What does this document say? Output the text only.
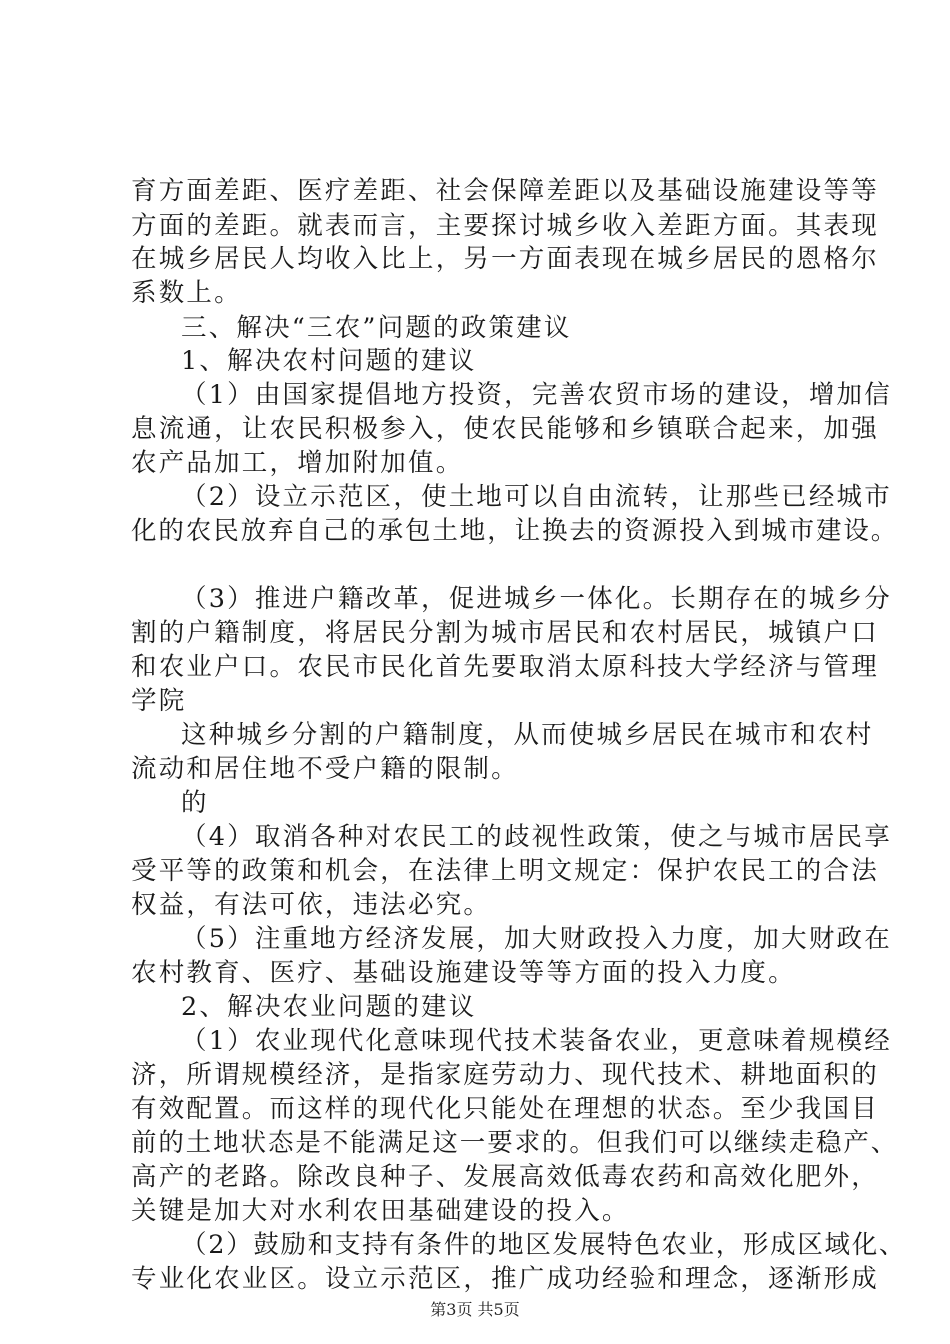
育方面差距、医疗差距、社会保障差距以及基础设施建设等等
方面的差距。就表而言，主要探讨城乡收入差距方面。其表现
在城乡居民人均收入比上，另一方面表现在城乡居民的恩格尔
系数上。
三、解决“三农”问题的政策建议
1、解决农村问题的建议
（1）由国家提倡地方投资，完善农贸市场的建设，增加信
息流通，让农民积极参入，使农民能够和乡镇联合起来，加强
农产品加工，增加附加值。
（2）设立示范区，使土地可以自由流转，让那些已经城市
化的农民放弃自己的承包土地，让换去的资源投入到城市建设。
（3）推进户籍改革，促进城乡一体化。长期存在的城乡分
割的户籍制度，将居民分割为城市居民和农村居民，城镇户口
和农业户口。农民市民化首先要取消太原科技大学经济与管理
学院
这种城乡分割的户籍制度，从而使城乡居民在城市和农村
流动和居住地不受户籍的限制。
的
（4）取消各种对农民工的歧视性政策，使之与城市居民享
受平等的政策和机会，在法律上明文规定：保护农民工的合法
权益，有法可依，违法必究。
（5）注重地方经济发展，加大财政投入力度，加大财政在
农村教育、医疗、基础设施建设等等方面的投入力度。
2、解决农业问题的建议
（1）农业现代化意味现代技术装备农业，更意味着规模经
济，所谓规模经济，是指家庭劳动力、现代技术、耕地面积的
有效配置。而这样的现代化只能处在理想的状态。至少我国目
前的土地状态是不能满足这一要求的。但我们可以继续走稳产、
高产的老路。除改良种子、发展高效低毒农药和高效化肥外，
关键是加大对水利农田基础建设的投入。
（2）鼓励和支持有条件的地区发展特色农业，形成区域化、
专业化农业区。设立示范区，推广成功经验和理念，逐渐形成
第3页 共5页
